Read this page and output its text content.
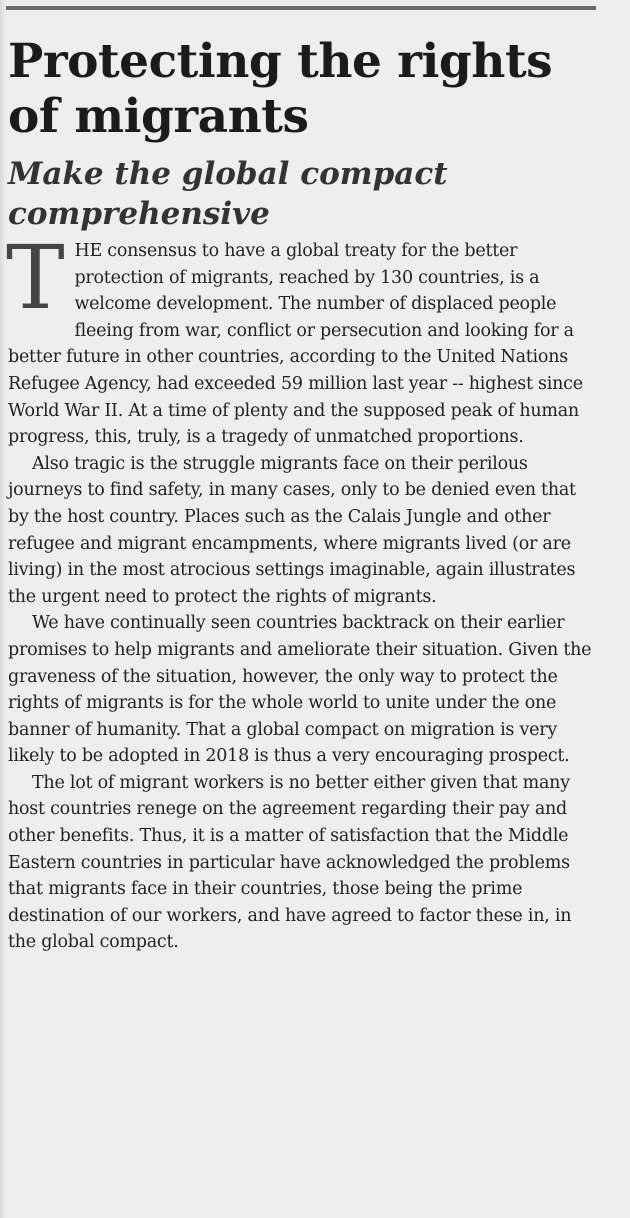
Protecting the rights of migrants
Make the global compact comprehensive

T HE consensus to have a global treaty for the better protection of migrants, reached by 130 countries, is a welcome development. The number of displaced people fleeing from war, conflict or persecution and looking for a better future in other countries, according to the United Nations Refugee Agency, had exceeded 59 million last year -- highest since World War II. At a time of plenty and the supposed peak of human progress, this, truly, is a tragedy of unmatched proportions.

Also tragic is the struggle migrants face on their perilous journeys to find safety, in many cases, only to be denied even that by the host country. Places such as the Calais Jungle and other refugee and migrant encampments, where migrants lived (or are living) in the most atrocious settings imaginable, again illustrates the urgent need to protect the rights of migrants.

We have continually seen countries backtrack on their earlier promises to help migrants and ameliorate their situation. Given the graveness of the situation, however, the only way to protect the rights of migrants is for the whole world to unite under the one banner of humanity. That a global compact on migration is very likely to be adopted in 2018 is thus a very encouraging prospect.

The lot of migrant workers is no better either given that many host countries renege on the agreement regarding their pay and other benefits. Thus, it is a matter of satisfaction that the Middle Eastern countries in particular have acknowledged the problems that migrants face in their countries, those being the prime destination of our workers, and have agreed to factor these in, in the global compact.
